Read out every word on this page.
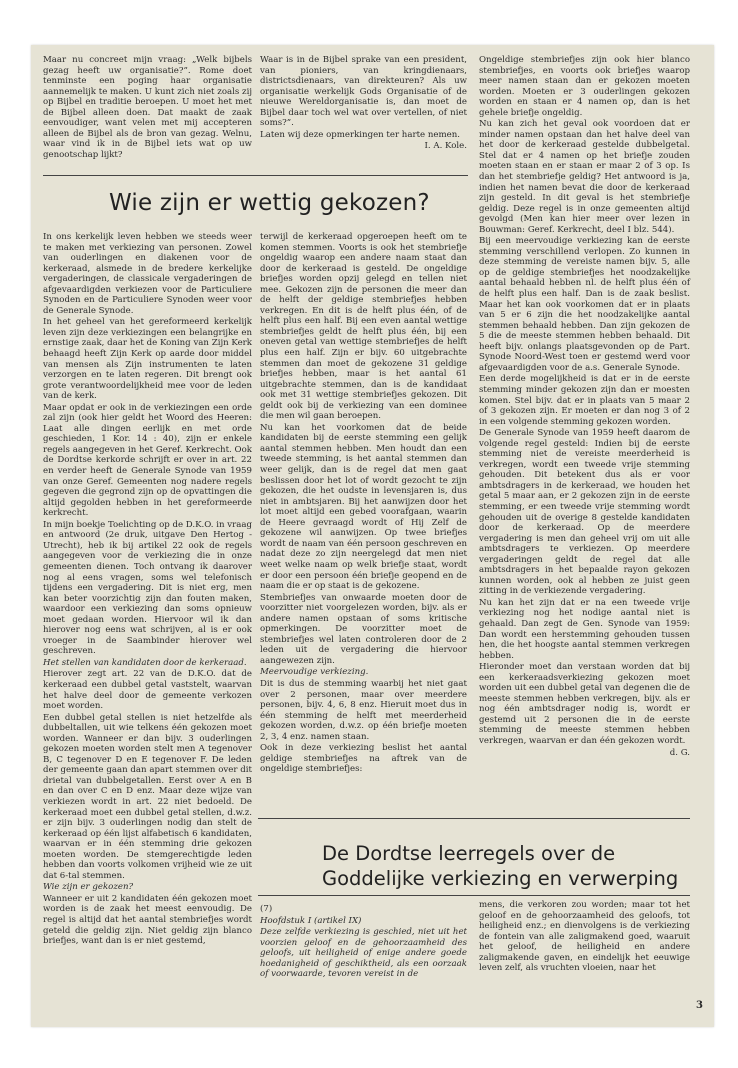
Maar nu concreet mijn vraag: „Welk bijbels gezag heeft uw organisatie?”. Rome doet tenminste een poging haar organisatie aannemelijk te maken. U kunt zich niet zoals zij op Bijbel en traditie beroepen. U moet het met de Bijbel alleen doen. Dat maakt de zaak eenvoudiger, want velen met mij accepteren alleen de Bijbel als de bron van gezag. Welnu, waar vind ik in de Bijbel iets wat op uw genootschap lijkt?

Waar is in de Bijbel sprake van een president, van pioniers, van kringdienaars, districtsdienaars, van direkteuren? Als uw organisatie werkelijk Gods Organisatie of de nieuwe Wereldorganisatie is, dan moet de Bijbel daar toch wel wat over vertellen, of niet soms?”.

Laten wij deze opmerkingen ter harte nemen.

I. A. Kole.

Ongeldige stembriefjes zijn ook hier blanco stembriefjes, en voorts ook briefjes waarop meer namen staan dan er gekozen moeten worden. Moeten er 3 ouderlingen gekozen worden en staan er 4 namen op, dan is het gehele briefje ongeldig.

Nu kan zich het geval ook voordoen dat er minder namen opstaan dan het halve deel van het door de kerkeraad gestelde dubbelgetal. Stel dat er 4 namen op het briefje zouden moeten staan en er staan er maar 2 of 3 op. Is dan het stembriefje geldig? Het antwoord is ja, indien het namen bevat die door de kerkeraad zijn gesteld. In dit geval is het stembriefje geldig. Deze regel is in onze gemeenten altijd gevolgd (Men kan hier meer over lezen in Bouwman: Geref. Kerkrecht, deel I blz. 544).

Bij een meervoudige verkiezing kan de eerste stemming verschillend verlopen. Zo kunnen in deze stemming de vereiste namen bijv. 5, alle op de geldige stembriefjes het noodzakelijke aantal behaald hebben nl. de helft plus één of de helft plus een half. Dan is de zaak beslist. Maar het kan ook voorkomen dat er in plaats van 5 er 6 zijn die het noodzakelijke aantal stemmen behaald hebben. Dan zijn gekozen de 5 die de meeste stemmen hebben behaald. Dit heeft bijv. onlangs plaatsgevonden op de Part. Synode Noord-West toen er gestemd werd voor afgevaardigden voor de a.s. Generale Synode.

Een derde mogelijkheid is dat er in de eerste stemming minder gekozen zijn dan er moesten komen. Stel bijv. dat er in plaats van 5 maar 2 of 3 gekozen zijn. Er moeten er dan nog 3 of 2 in een volgende stemming gekozen worden.

De Generale Synode van 1959 heeft daarom de volgende regel gesteld: Indien bij de eerste stemming niet de vereiste meerderheid is verkregen, wordt een tweede vrije stemming gehouden. Dit betekent dus als er voor ambtsdragers in de kerkeraad, we houden het getal 5 maar aan, er 2 gekozen zijn in de eerste stemming, er een tweede vrije stemming wordt gehouden uit de overige 8 gestelde kandidaten door de kerkeraad. Op de meerdere vergadering is men dan geheel vrij om uit alle ambtsdragers te verkiezen. Op meerdere vergaderingen geldt de regel dat alle ambtsdragers in het bepaalde rayon gekozen kunnen worden, ook al hebben ze juist geen zitting in de verkiezende vergadering.

Nu kan het zijn dat er na een tweede vrije verkiezing nog het nodige aantal niet is gehaald. Dan zegt de Gen. Synode van 1959: Dan wordt een herstemming gehouden tussen hen, die het hoogste aantal stemmen verkregen hebben.

Hieronder moet dan verstaan worden dat bij een kerkeraadsverkiezing gekozen moet worden uit een dubbel getal van degenen die de meeste stemmen hebben verkregen, bijv. als er nog één ambtsdrager nodig is, wordt er gestemd uit 2 personen die in de eerste stemming de meeste stemmen hebben verkregen, waarvan er dan één gekozen wordt.

d. G.

Wie zijn er wettig gekozen?

In ons kerkelijk leven hebben we steeds weer te maken met verkiezing van personen. Zowel van ouderlingen en diakenen voor de kerkeraad, alsmede in de bredere kerkelijke vergaderingen, de classicale vergaderingen de afgevaardigden verkiezen voor de Particuliere Synoden en de Particuliere Synoden weer voor de Generale Synode.

In het geheel van het gereformeerd kerkelijk leven zijn deze verkiezingen een belangrijke en ernstige zaak, daar het de Koning van Zijn Kerk behaagd heeft Zijn Kerk op aarde door middel van mensen als Zijn instrumenten te laten verzorgen en te laten regeren. Dit brengt ook grote verantwoordelijkheid mee voor de leden van de kerk.

Maar opdat er ook in de verkiezingen een orde zal zijn (ook hier geldt het Woord des Heeren: Laat alle dingen eerlijk en met orde geschieden, 1 Kor. 14 : 40), zijn er enkele regels aangegeven in het Geref. Kerkrecht. Ook de Dordtse kerkorde schrijft er over in art. 22 en verder heeft de Generale Synode van 1959 van onze Geref. Gemeenten nog nadere regels gegeven die gegrond zijn op de opvattingen die altijd gegolden hebben in het gereformeerde kerkrecht.

In mijn boekje Toelichting op de D.K.O. in vraag en antwoord (2e druk, uitgave Den Hertog - Utrecht), heb ik bij artikel 22 ook de regels aangegeven voor de verkiezing die in onze gemeenten dienen. Toch ontvang ik daarover nog al eens vragen, soms wel telefonisch tijdens een vergadering. Dit is niet erg, men kan beter voorzichtig zijn dan fouten maken, waardoor een verkiezing dan soms opnieuw moet gedaan worden. Hiervoor wil ik dan hierover nog eens wat schrijven, al is er ook vroeger in de Saambinder hierover wel geschreven.

Het stellen van kandidaten door de kerkeraad.

Hierover zegt art. 22 van de D.K.O. dat de kerkeraad een dubbel getal vaststelt, waarvan het halve deel door de gemeente verkozen moet worden.

Een dubbel getal stellen is niet hetzelfde als dubbeltallen, uit wie telkens één gekozen moet worden. Wanneer er dan bijv. 3 ouderlingen gekozen moeten worden stelt men A tegenover B, C tegenover D en E tegenover F. De leden der gemeente gaan dan apart stemmen over dit drietal van dubbelgetallen. Eerst over A en B en dan over C en D enz. Maar deze wijze van verkiezen wordt in art. 22 niet bedoeld. De kerkeraad moet een dubbel getal stellen, d.w.z. er zijn bijv. 3 ouderlingen nodig dan stelt de kerkeraad op één lijst alfabetisch 6 kandidaten, waarvan er in één stemming drie gekozen moeten worden. De stemgerechtigde leden hebben dan voorts volkomen vrijheid wie ze uit dat 6-tal stemmen.

Wie zijn er gekozen?

Wanneer er uit 2 kandidaten één gekozen moet worden is de zaak het meest eenvoudig. De regel is altijd dat het aantal stembriefjes wordt geteld die geldig zijn. Niet geldig zijn blanco briefjes, want dan is er niet gestemd,

terwijl de kerkeraad opgeroepen heeft om te komen stemmen. Voorts is ook het stembriefje ongeldig waarop een andere naam staat dan door de kerkeraad is gesteld. De ongeldige briefjes worden opzij gelegd en tellen niet mee. Gekozen zijn de personen die meer dan de helft der geldige stembriefjes hebben verkregen. En dit is de helft plus één, of de helft plus een half. Bij een even aantal wettige stembriefjes geldt de helft plus één, bij een oneven getal van wettige stembriefjes de helft plus een half. Zijn er bijv. 60 uitgebrachte stemmen dan moet de gekozene 31 geldige briefjes hebben, maar is het aantal 61 uitgebrachte stemmen, dan is de kandidaat ook met 31 wettige stembriefjes gekozen. Dit geldt ook bij de verkiezing van een dominee die men wil gaan beroepen.

Nu kan het voorkomen dat de beide kandidaten bij de eerste stemming een gelijk aantal stemmen hebben. Men houdt dan een tweede stemming, is het aantal stemmen dan weer gelijk, dan is de regel dat men gaat beslissen door het lot of wordt gezocht te zijn gekozen, die het oudste in levensjaren is, dus niet in ambtsjaren. Bij het aanwijzen door het lot moet altijd een gebed voorafgaan, waarin de Heere gevraagd wordt of Hij Zelf de gekozene wil aanwijzen. Op twee briefjes wordt de naam van één persoon geschreven en nadat deze zo zijn neergelegd dat men niet weet welke naam op welk briefje staat, wordt er door een persoon één briefje geopend en de naam die er op staat is de gekozene.

Stembriefjes van onwaarde moeten door de voorzitter niet voorgelezen worden, bijv. als er andere namen opstaan of soms kritische opmerkingen. De voorzitter moet de stembriefjes wel laten controleren door de 2 leden uit de vergadering die hiervoor aangewezen zijn.

Meervoudige verkiezing.

Dit is dus de stemming waarbij het niet gaat over 2 personen, maar over meerdere personen, bijv. 4, 6, 8 enz. Hieruit moet dus in één stemming de helft met meerderheid gekozen worden, d.w.z. op één briefje moeten 2, 3, 4 enz. namen staan.

Ook in deze verkiezing beslist het aantal geldige stembriefjes na aftrek van de ongeldige stembriefjes:

De Dordtse leerregels over de
Goddelijke verkiezing en verwerping

(7)

Hoofdstuk I (artikel IX)

Deze zelfde verkiezing is geschied, niet uit het voorzien geloof en de gehoorzaamheid des geloofs, uit heiligheid of enige andere goede hoedanigheid of geschiktheid, als een oorzaak of voorwaarde, tevoren vereist in de

mens, die verkoren zou worden; maar tot het geloof en de gehoorzaamheid des geloofs, tot heiligheid enz.; en dienvolgens is de verkiezing de fontein van alle zaligmakend goed, waaruit het geloof, de heiligheid en andere zaligmakende gaven, en eindelijk het eeuwige leven zelf, als vruchten vloeien, naar het

3
